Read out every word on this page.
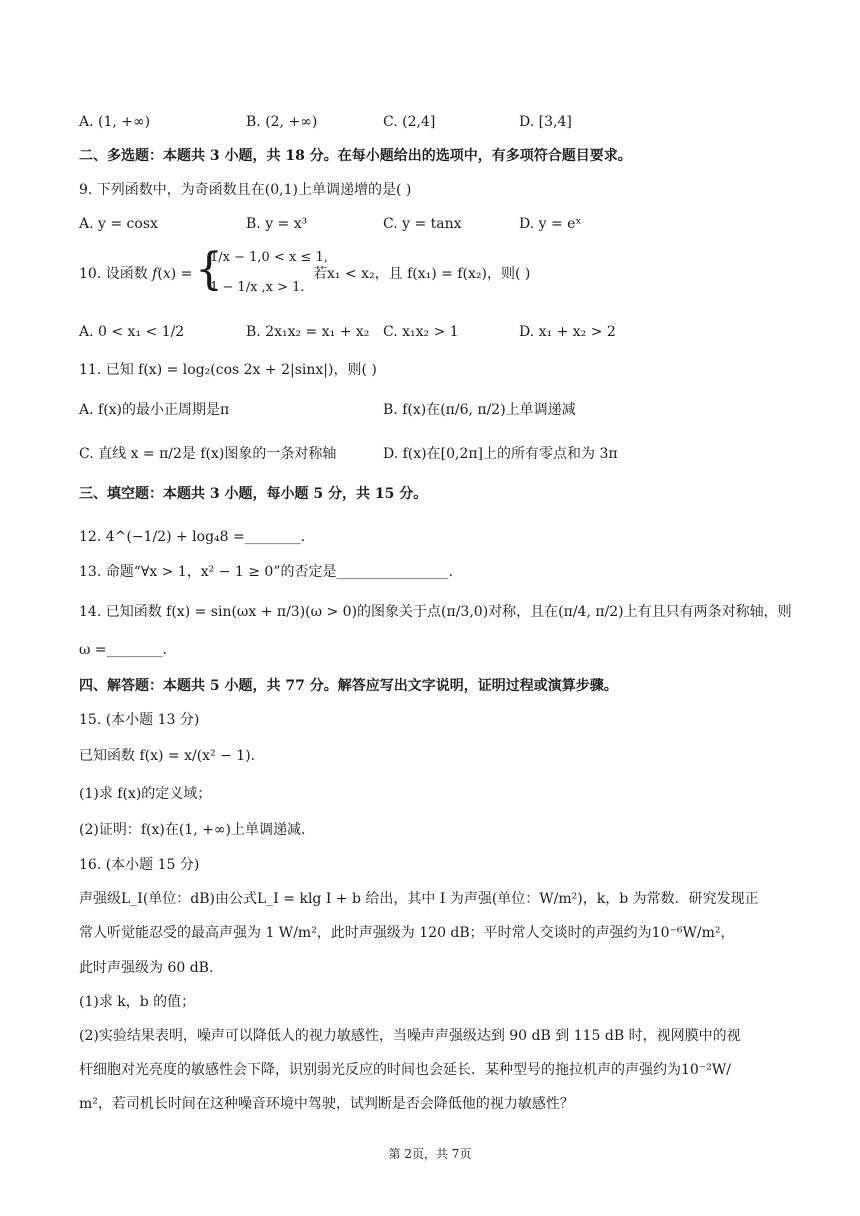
A. (1, +∞)	B. (2, +∞)	C. (2,4]	D. [3,4]
二、多选题：本题共 3 小题，共 18 分。在每小题给出的选项中，有多项符合题目要求。
9. 下列函数中，为奇函数且在(0,1)上单调递增的是( )
A. y = cosx	B. y = x³	C. y = tanx	D. y = eˣ
10. 设函数 f(x) = {
1/x − 1,0 < x ≤ 1,
1 − 1/x ,x > 1.
若x₁ < x₂，且 f(x₁) = f(x₂)，则( )
A. 0 < x₁ < 1/2	B. 2x₁x₂ = x₁ + x₂ C. x₁x₂ > 1	D. x₁ + x₂ > 2
11. 已知 f(x) = log₂(cos 2x + 2|sinx|)，则( )
A. f(x)的最小正周期是π	B. f(x)在(π/6, π/2)上单调递减
C. 直线 x = π/2是 f(x)图象的一条对称轴	D. f(x)在[0,2π]上的所有零点和为 3π
三、填空题：本题共 3 小题，每小题 5 分，共 15 分。
12. 4^(−1/2) + log₄8 =________.
13. 命题“∀x > 1，x² − 1 ≥ 0”的否定是________________.
14. 已知函数 f(x) = sin(ωx + π/3)(ω > 0)的图象关于点(π/3,0)对称，且在(π/4, π/2)上有且只有两条对称轴，则
ω =________.
四、解答题：本题共 5 小题，共 77 分。解答应写出文字说明，证明过程或演算步骤。
15. (本小题 13 分)
已知函数 f(x) = x/(x² − 1).
(1)求 f(x)的定义域；
(2)证明：f(x)在(1, +∞)上单调递减.
16. (本小题 15 分)
声强级L_I(单位：dB)由公式L_I = klg I + b 给出，其中 I 为声强(单位：W/m²)，k，b 为常数．研究发现正
常人听觉能忍受的最高声强为 1 W/m²，此时声强级为 120 dB；平时常人交谈时的声强约为10⁻⁶W/m²，
此时声强级为 60 dB.
(1)求 k，b 的值；
(2)实验结果表明，噪声可以降低人的视力敏感性，当噪声声强级达到 90 dB 到 115 dB 时，视网膜中的视
杆细胞对光亮度的敏感性会下降，识别弱光反应的时间也会延长．某种型号的拖拉机声的声强约为10⁻²W/
m²，若司机长时间在这种噪音环境中驾驶，试判断是否会降低他的视力敏感性？
第 2页，共 7页
